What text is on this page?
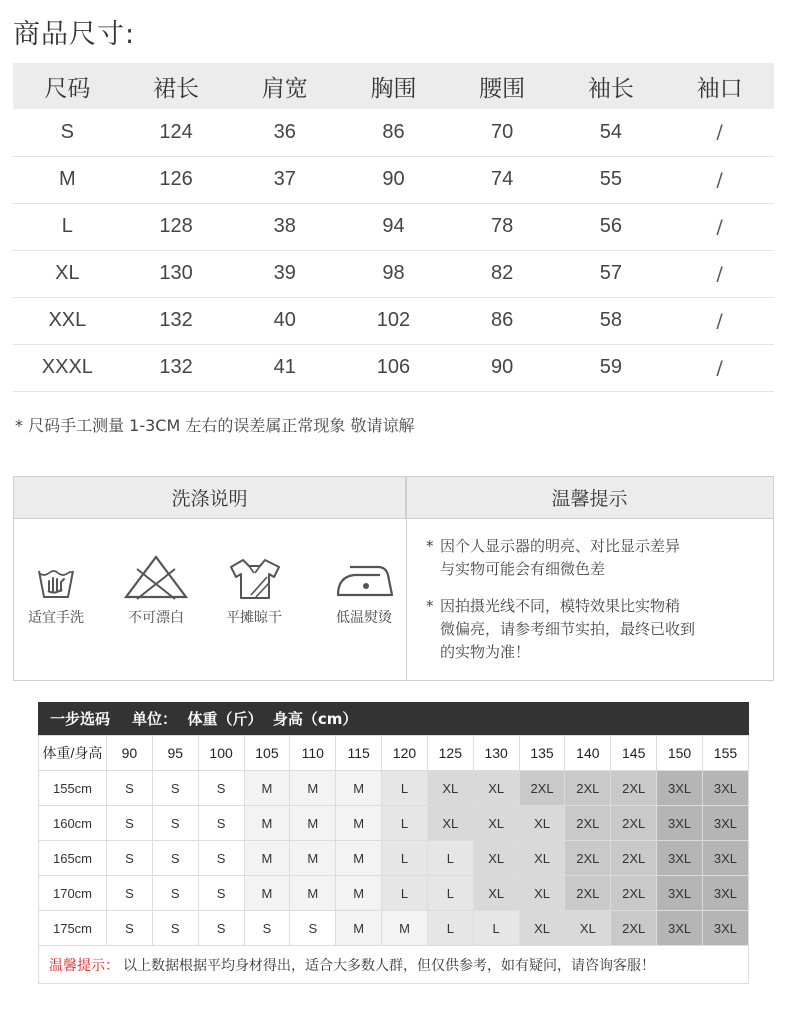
商品尺寸:
尺码	裙长	肩宽	胸围	腰围	袖长	袖口
S	124	36	86	70	54	/
M	126	37	90	74	55	/
L	128	38	94	78	56	/
XL	130	39	98	82	57	/
XXL	132	40	102	86	58	/
XXXL	132	41	106	90	59	/
* 尺码手工测量 1-3CM 左右的误差属正常现象 敬请谅解
洗涤说明	温馨提示
适宜手洗	不可漂白	平摊晾干	低温熨烫
* 因个人显示器的明亮、对比显示差异
与实物可能会有细微色差
* 因拍摄光线不同，模特效果比实物稍
微偏亮，请参考细节实拍，最终已收到
的实物为准！
一步选码 单位：  体重（斤）  身高（cm）
体重/身高	90	95	100	105	110	115	120	125	130	135	140	145	150	155
155cm	S	S	S	M	M	M	L	XL	XL	2XL	2XL	2XL	3XL	3XL
160cm	S	S	S	M	M	M	L	XL	XL	XL	2XL	2XL	3XL	3XL
165cm	S	S	S	M	M	M	L	L	XL	XL	2XL	2XL	3XL	3XL
170cm	S	S	S	M	M	M	L	L	XL	XL	2XL	2XL	3XL	3XL
175cm	S	S	S	S	S	M	M	L	L	XL	XL	2XL	3XL	3XL
温馨提示： 以上数据根据平均身材得出，适合大多数人群，但仅供参考，如有疑问，请咨询客服！
